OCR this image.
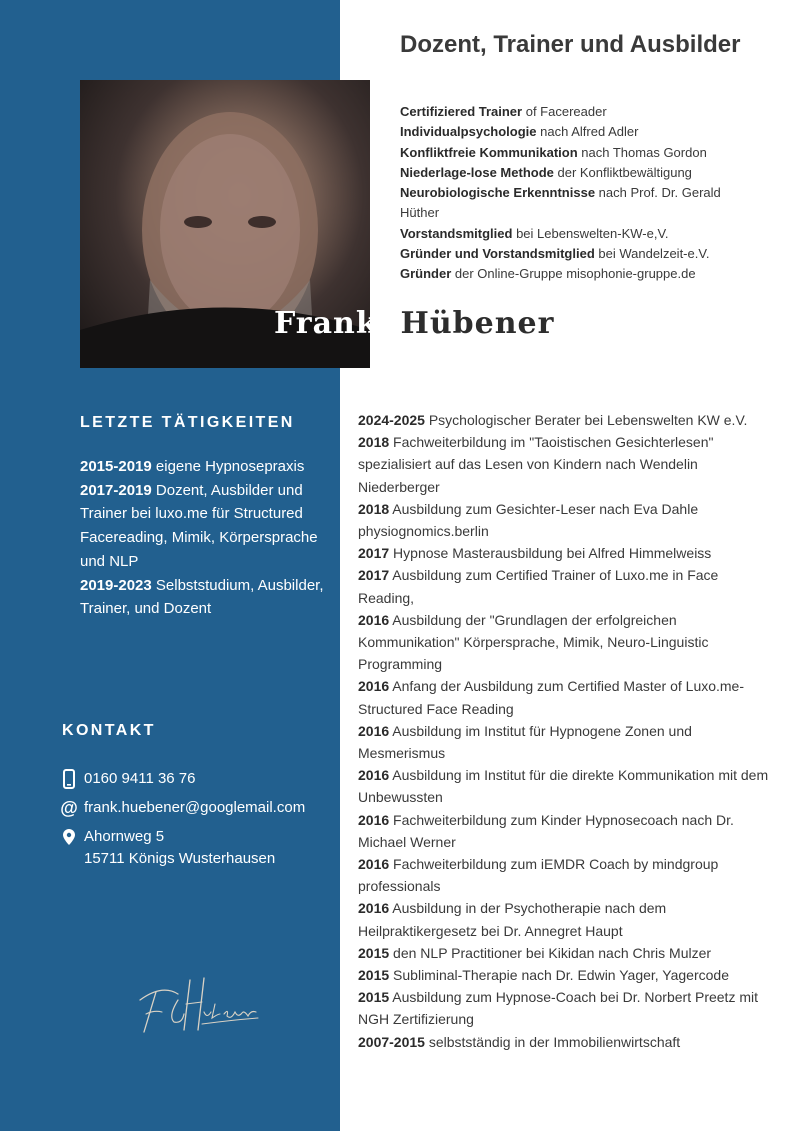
Frank Hübener
Dozent, Trainer und Ausbilder
Certifiziered Trainer of Facereader
Individualpsychologie nach Alfred Adler
Konfliktfreie Kommunikation nach Thomas Gordon
Niederlage-lose Methode der Konfliktbewältigung
Neurobiologische Erkenntnisse nach Prof. Dr. Gerald Hüther
Vorstandsmitglied bei Lebenswelten-KW-e,V.
Gründer und Vorstandsmitglied bei Wandelzeit-e.V.
Gründer der Online-Gruppe misophonie-gruppe.de
LETZTE TÄTIGKEITEN
2015-2019 eigene Hypnosepraxis
2017-2019 Dozent, Ausbilder und Trainer bei luxo.me für Structured Facereading, Mimik, Körpersprache und NLP
2019-2023 Selbststudium, Ausbilder, Trainer, und Dozent
KONTAKT
0160 9411 36 76
@ frank.huebener@googlemail.com
Ahornweg 5
15711 Königs Wusterhausen
2024-2025 Psychologischer Berater bei Lebenswelten KW e.V.
2018 Fachweiterbildung im "Taoistischen Gesichterlesen" spezialisiert auf das Lesen von Kindern nach Wendelin Niederberger
2018 Ausbildung zum Gesichter-Leser nach Eva Dahle physiognomics.berlin
2017 Hypnose Masterausbildung bei Alfred Himmelweiss
2017 Ausbildung zum Certified Trainer of Luxo.me in Face Reading,
2016 Ausbildung der "Grundlagen der erfolgreichen Kommunikation" Körpersprache, Mimik, Neuro-Linguistic Programming
2016 Anfang der Ausbildung zum Certified Master of Luxo.me- Structured Face Reading
2016 Ausbildung im Institut für Hypnogene Zonen und Mesmerismus
2016 Ausbildung im Institut für die direkte Kommunikation mit dem Unbewussten
2016 Fachweiterbildung zum Kinder Hypnosecoach nach Dr. Michael Werner
2016 Fachweiterbildung zum iEMDR Coach by mindgroup professionals
2016 Ausbildung in der Psychotherapie nach dem Heilpraktikergesetz bei Dr. Annegret Haupt
2015 den NLP Practitioner bei Kikidan nach Chris Mulzer
2015 Subliminal-Therapie nach Dr. Edwin Yager, Yagercode
2015 Ausbildung zum Hypnose-Coach bei Dr. Norbert Preetz mit NGH Zertifizierung
2007-2015 selbstständig in der Immobilienwirtschaft
